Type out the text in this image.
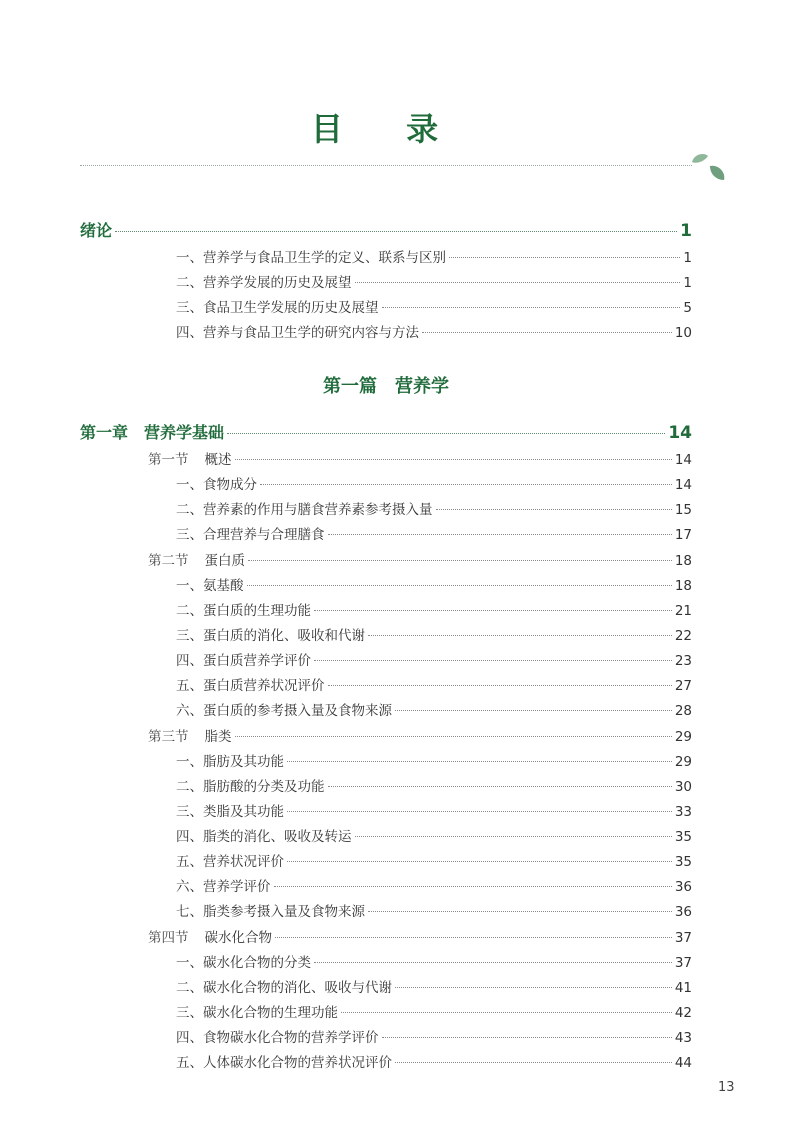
目 录
绪论	1
一、营养学与食品卫生学的定义、联系与区别	1
二、营养学发展的历史及展望	1
三、食品卫生学发展的历史及展望	5
四、营养与食品卫生学的研究内容与方法	10
第一篇　营养学
第一章 营养学基础	14
第一节 概述	14
一、食物成分	14
二、营养素的作用与膳食营养素参考摄入量	15
三、合理营养与合理膳食	17
第二节 蛋白质	18
一、氨基酸	18
二、蛋白质的生理功能	21
三、蛋白质的消化、吸收和代谢	22
四、蛋白质营养学评价	23
五、蛋白质营养状况评价	27
六、蛋白质的参考摄入量及食物来源	28
第三节 脂类	29
一、脂肪及其功能	29
二、脂肪酸的分类及功能	30
三、类脂及其功能	33
四、脂类的消化、吸收及转运	35
五、营养状况评价	35
六、营养学评价	36
七、脂类参考摄入量及食物来源	36
第四节 碳水化合物	37
一、碳水化合物的分类	37
二、碳水化合物的消化、吸收与代谢	41
三、碳水化合物的生理功能	42
四、食物碳水化合物的营养学评价	43
五、人体碳水化合物的营养状况评价	44
13
